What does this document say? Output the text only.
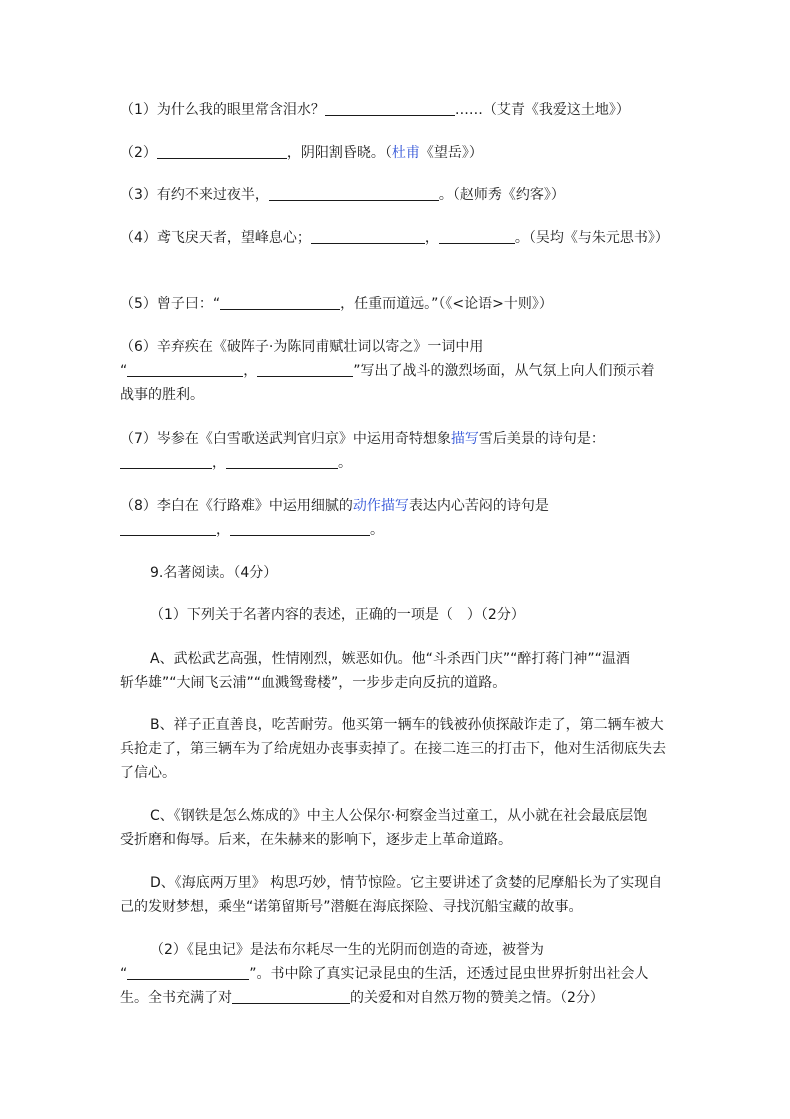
（1）为什么我的眼里常含泪水？	……（艾青《我爱这土地》）
（2）	，阴阳割昏晓。（杜甫《望岳》）
（3）有约不来过夜半，	。（赵师秀《约客》）
（4）鸢飞戾天者，望峰息心；	，	。（吴均《与朱元思书》）
（5）曾子曰：“	，任重而道远。”（《<论语>十则》）
（6）辛弃疾在《破阵子·为陈同甫赋壮词以寄之》一词中用
“	，	”写出了战斗的激烈场面，从气氛上向人们预示着
战事的胜利。
（7）岑参在《白雪歌送武判官归京》中运用奇特想象描写雪后美景的诗句是：
，	。
（8）李白在《行路难》中运用细腻的动作描写表达内心苦闷的诗句是
，	。
9.名著阅读。（4分）
（1）下列关于名著内容的表述，正确的一项是（　）（2分）
A、武松武艺高强，性情刚烈，嫉恶如仇。他“斗杀西门庆”“醉打蒋门神”“温酒
斩华雄”“大闹飞云浦”“血溅鸳鸯楼”，一步步走向反抗的道路。
B、祥子正直善良，吃苦耐劳。他买第一辆车的钱被孙侦探敲诈走了，第二辆车被大
兵抢走了，第三辆车为了给虎妞办丧事卖掉了。在接二连三的打击下，他对生活彻底失去
了信心。
C、《钢铁是怎么炼成的》中主人公保尔·柯察金当过童工，从小就在社会最底层饱
受折磨和侮辱。后来，在朱赫来的影响下，逐步走上革命道路。
D、《海底两万里》 构思巧妙，情节惊险。它主要讲述了贪婪的尼摩船长为了实现自
己的发财梦想，乘坐“诺第留斯号”潜艇在海底探险、寻找沉船宝藏的故事。
（2）《昆虫记》是法布尔耗尽一生的光阴而创造的奇迹，被誉为
“	”。书中除了真实记录昆虫的生活，还透过昆虫世界折射出社会人
生。全书充满了对	的关爱和对自然万物的赞美之情。（2分）
